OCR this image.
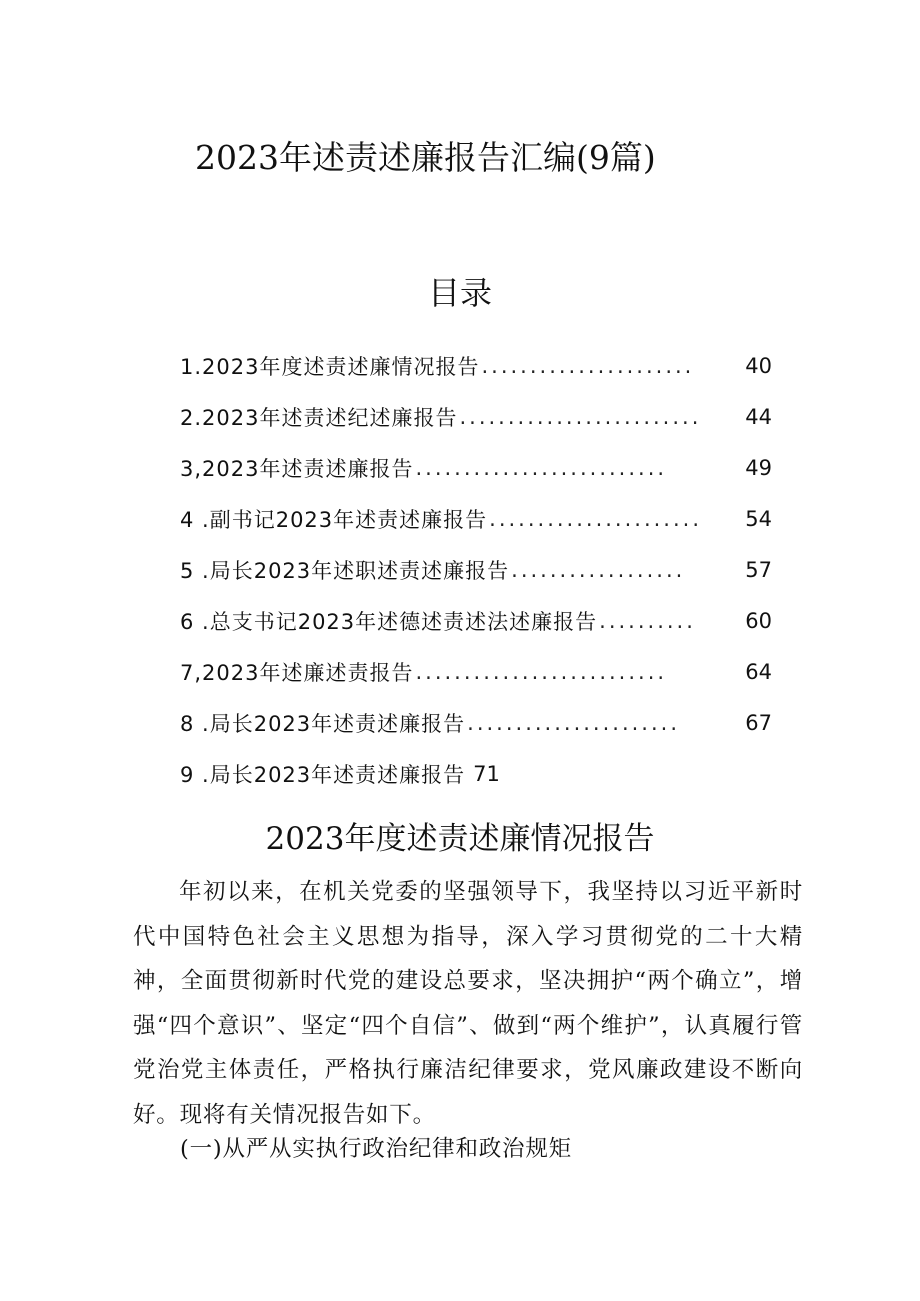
2023年述责述廉报告汇编(9篇)
目录
1.2023年度述责述廉情况报告 ......................	40
2.2023年述责述纪述廉报告 .........................	44
3,2023年述责述廉报告 ..........................	49
4 .副书记2023年述责述廉报告 ......................	54
5 .局长2023年述职述责述廉报告 ..................	57
6 .总支书记2023年述德述责述法述廉报告 ..........	60
7,2023年述廉述责报告 ..........................	64
8 .局长2023年述责述廉报告 ......................	67
9 .局长2023年述责述廉报告 71
2023年度述责述廉情况报告

年初以来，在机关党委的坚强领导下，我坚持以习近平新时代中国特色社会主义思想为指导，深入学习贯彻党的二十大精神，全面贯彻新时代党的建设总要求，坚决拥护“两个确立”，增强“四个意识”、坚定“四个自信”、做到“两个维护”，认真履行管党治党主体责任，严格执行廉洁纪律要求，党风廉政建设不断向好。现将有关情况报告如下。

(一)从严从实执行政治纪律和政治规矩
